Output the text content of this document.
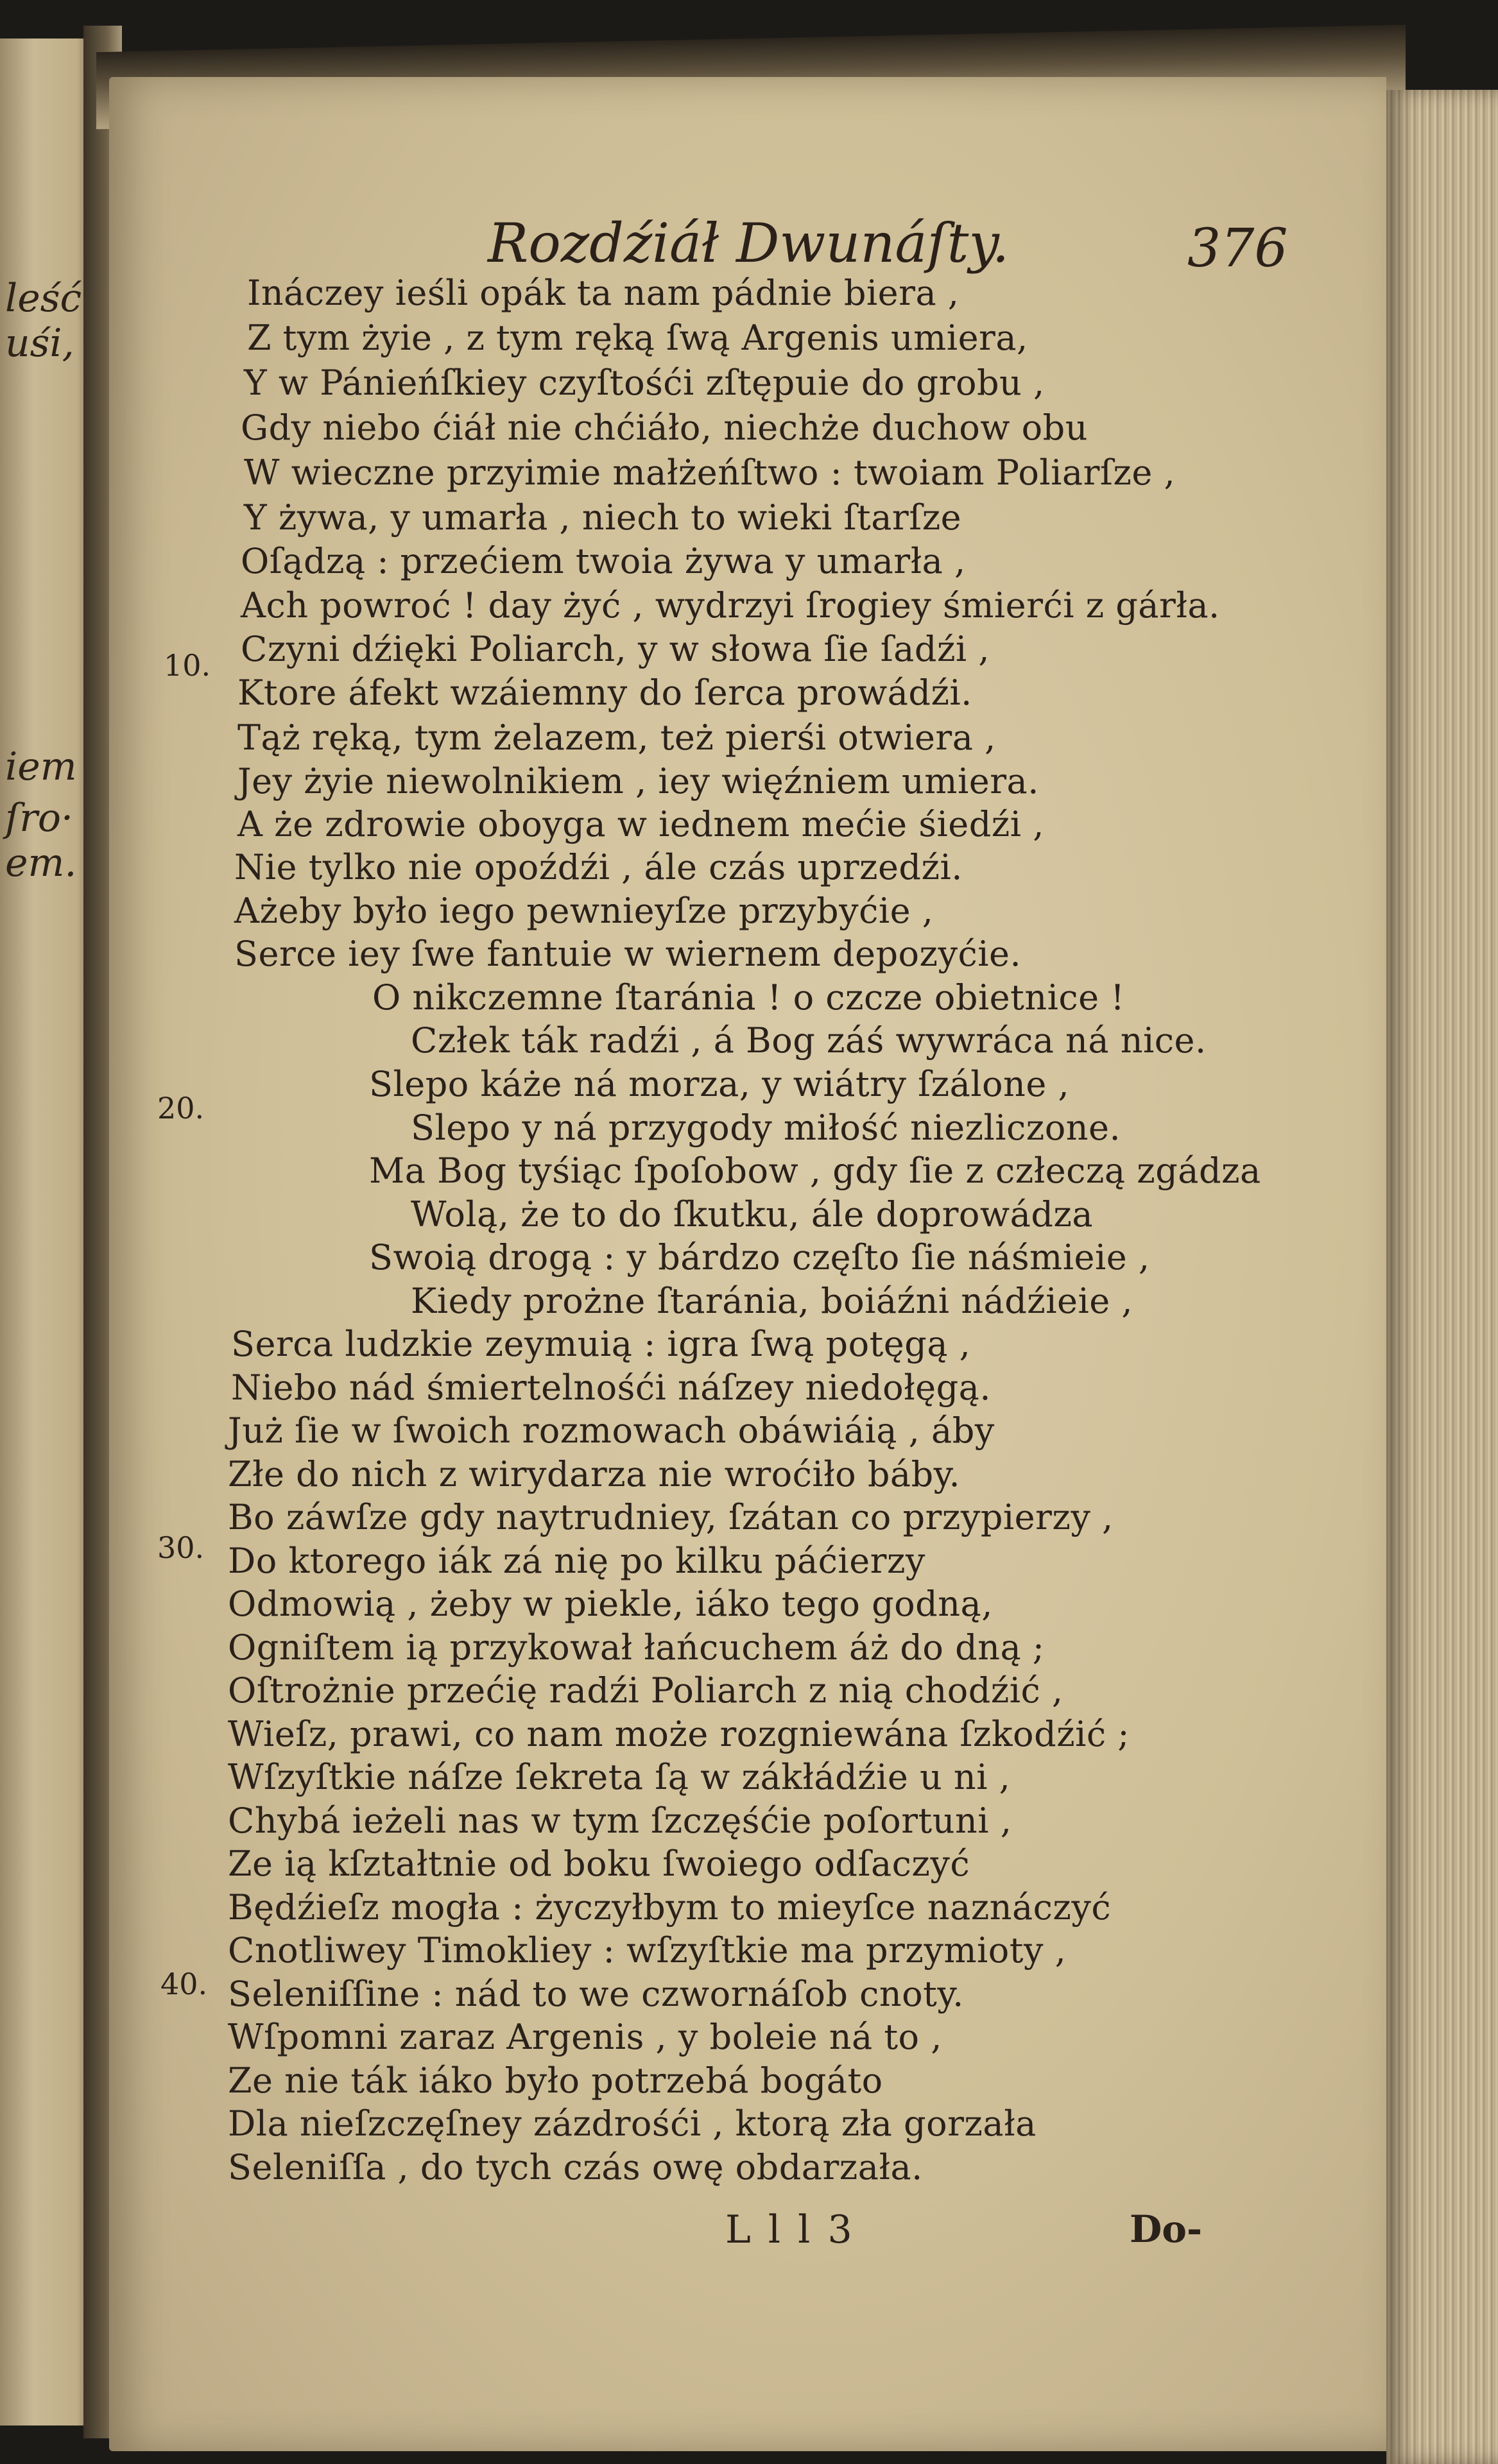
leść
uśi,
iem
ſro·
em.
Rozdźiáł Dwunáſty.	376
10.
20.
30.
40.
Ináczey ieśli opák ta nam pádnie biera ,
Z tym żyie , z tym ręką ſwą Argenis umiera,
Y w Pánieńſkiey czyſtośći zſtępuie do grobu ,
Gdy niebo ćiáł nie chćiáło, niechże duchow obu
W wieczne przyimie małżeńſtwo : twoiam Poliarſze ,
Y żywa, y umarła , niech to wieki ſtarſze
Oſądzą : przećiem twoia żywa y umarła ,
Ach powroć ! day żyć , wydrzyi ſrogiey śmierći z gárła.
Czyni dźięki Poliarch, y w słowa ſie ſadźi ,
Ktore áfekt wzáiemny do ſerca prowádźi.
Tąż ręką, tym żelazem, też pierśi otwiera ,
Jey żyie niewolnikiem , iey więźniem umiera.
A że zdrowie oboyga w iednem mećie śiedźi ,
Nie tylko nie opoźdźi , ále czás uprzedźi.
Ażeby było iego pewnieyſze przybyćie ,
Serce iey ſwe fantuie w wiernem depozyćie.
O nikczemne ſtaránia ! o czcze obietnice !
Człek ták radźi , á Bog záś wywráca ná nice.
Slepo káże ná morza, y wiátry ſzálone ,
Slepo y ná przygody miłość niezliczone.
Ma Bog tyśiąc ſpoſobow , gdy ſie z człeczą zgádza
Wolą, że to do ſkutku, ále doprowádza
Swoią drogą : y bárdzo częſto ſie náśmieie ,
Kiedy prożne ſtaránia, boiáźni nádźieie ,
Serca ludzkie zeymuią : igra ſwą potęgą ,
Niebo nád śmiertelnośći náſzey niedołęgą.
Już ſie w ſwoich rozmowach obáwiáią , áby
Złe do nich z wirydarza nie wroćiło báby.
Bo záwſze gdy naytrudniey, ſzátan co przypierzy ,
Do ktorego iák zá nię po kilku páćierzy
Odmowią , żeby w piekle, iáko tego godną,
Ogniſtem ią przykował łańcuchem áż do dną ;
Oſtrożnie przećię radźi Poliarch z nią chodźić ,
Wieſz, prawi, co nam może rozgniewána ſzkodźić ;
Wſzyſtkie náſze ſekreta ſą w zákłádźie u ni ,
Chybá ieżeli nas w tym ſzczęśćie poſortuni ,
Ze ią kſztałtnie od boku ſwoiego odſaczyć
Będźieſz mogła : życzyłbym to mieyſce naznáczyć
Cnotliwey Timokliey : wſzyſtkie ma przymioty ,
Seleniſſine : nád to we czwornáſob cnoty.
Wſpomni zaraz Argenis , y boleie ná to ,
Ze nie ták iáko było potrzebá bogáto
Dla nieſzczęſney zázdrośći , ktorą zła gorzała
Seleniſſa , do tych czás owę obdarzała.
L l l 3	Do-
